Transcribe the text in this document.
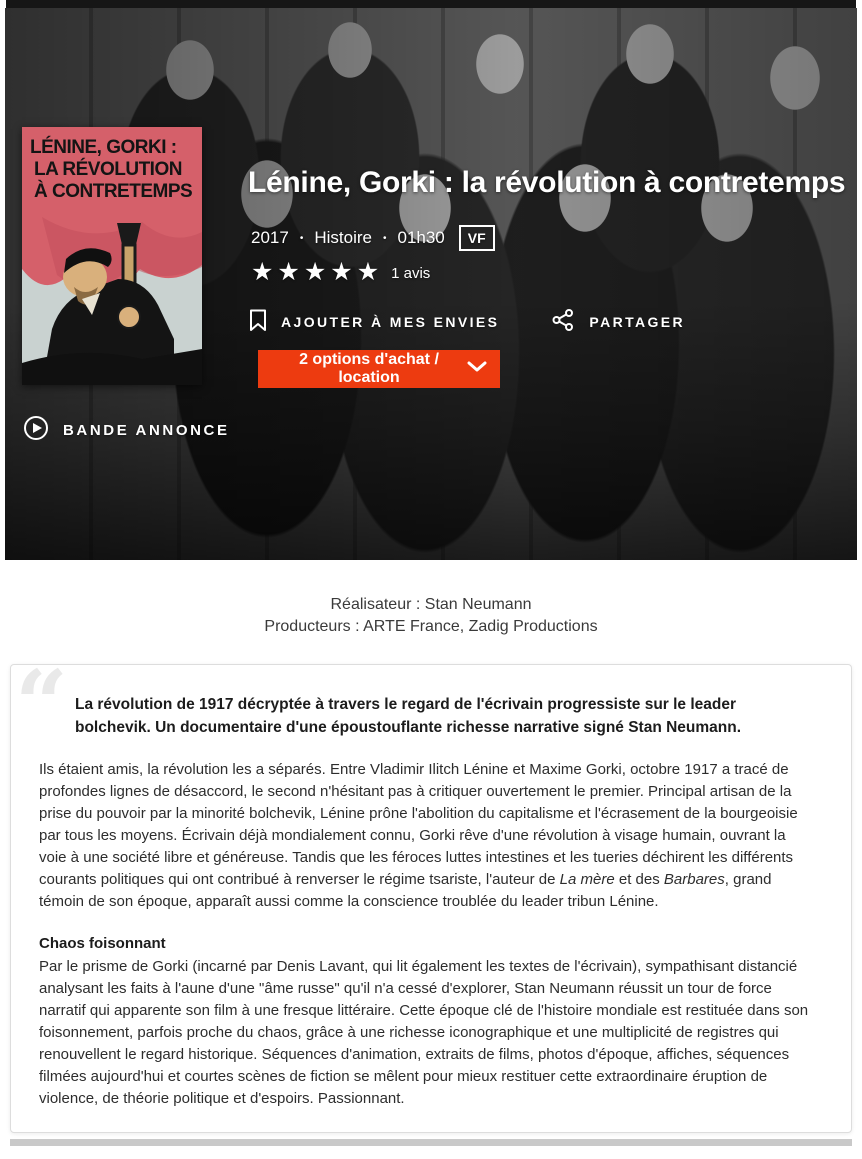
LÉNINE, GORKI :
LA RÉVOLUTION
À CONTRETEMPS Lénine, Gorki : la révolution à contretemps
2017 • Histoire • 01h30	VF
★ ★ ★ ★ ★ 1 avis
AJOUTER À MES ENVIES	PARTAGER
2 options d'achat / location
BANDE ANNONCE
Réalisateur : Stan Neumann
Producteurs : ARTE France, Zadig Productions
“ La révolution de 1917 décryptée à travers le regard de l'écrivain progressiste sur le leader bolchevik. Un documentaire d'une époustouflante richesse narrative signé Stan Neumann.

Ils étaient amis, la révolution les a séparés. Entre Vladimir Ilitch Lénine et Maxime Gorki, octobre 1917 a tracé de profondes lignes de désaccord, le second n'hésitant pas à critiquer ouvertement le premier. Principal artisan de la prise du pouvoir par la minorité bolchevik, Lénine prône l'abolition du capitalisme et l'écrasement de la bourgeoisie par tous les moyens. Écrivain déjà mondialement connu, Gorki rêve d'une révolution à visage humain, ouvrant la voie à une société libre et généreuse. Tandis que les féroces luttes intestines et les tueries déchirent les différents courants politiques qui ont contribué à renverser le régime tsariste, l'auteur de La mère et des Barbares, grand témoin de son époque, apparaît aussi comme la conscience troublée du leader tribun Lénine.

Chaos foisonnant

Par le prisme de Gorki (incarné par Denis Lavant, qui lit également les textes de l'écrivain), sympathisant distancié analysant les faits à l'aune d'une "âme russe" qu'il n'a cessé d'explorer, Stan Neumann réussit un tour de force narratif qui apparente son film à une fresque littéraire. Cette époque clé de l'histoire mondiale est restituée dans son foisonnement, parfois proche du chaos, grâce à une richesse iconographique et une multiplicité de registres qui renouvellent le regard historique. Séquences d'animation, extraits de films, photos d'époque, affiches, séquences filmées aujourd'hui et courtes scènes de fiction se mêlent pour mieux restituer cette extraordinaire éruption de violence, de théorie politique et d'espoirs. Passionnant.
